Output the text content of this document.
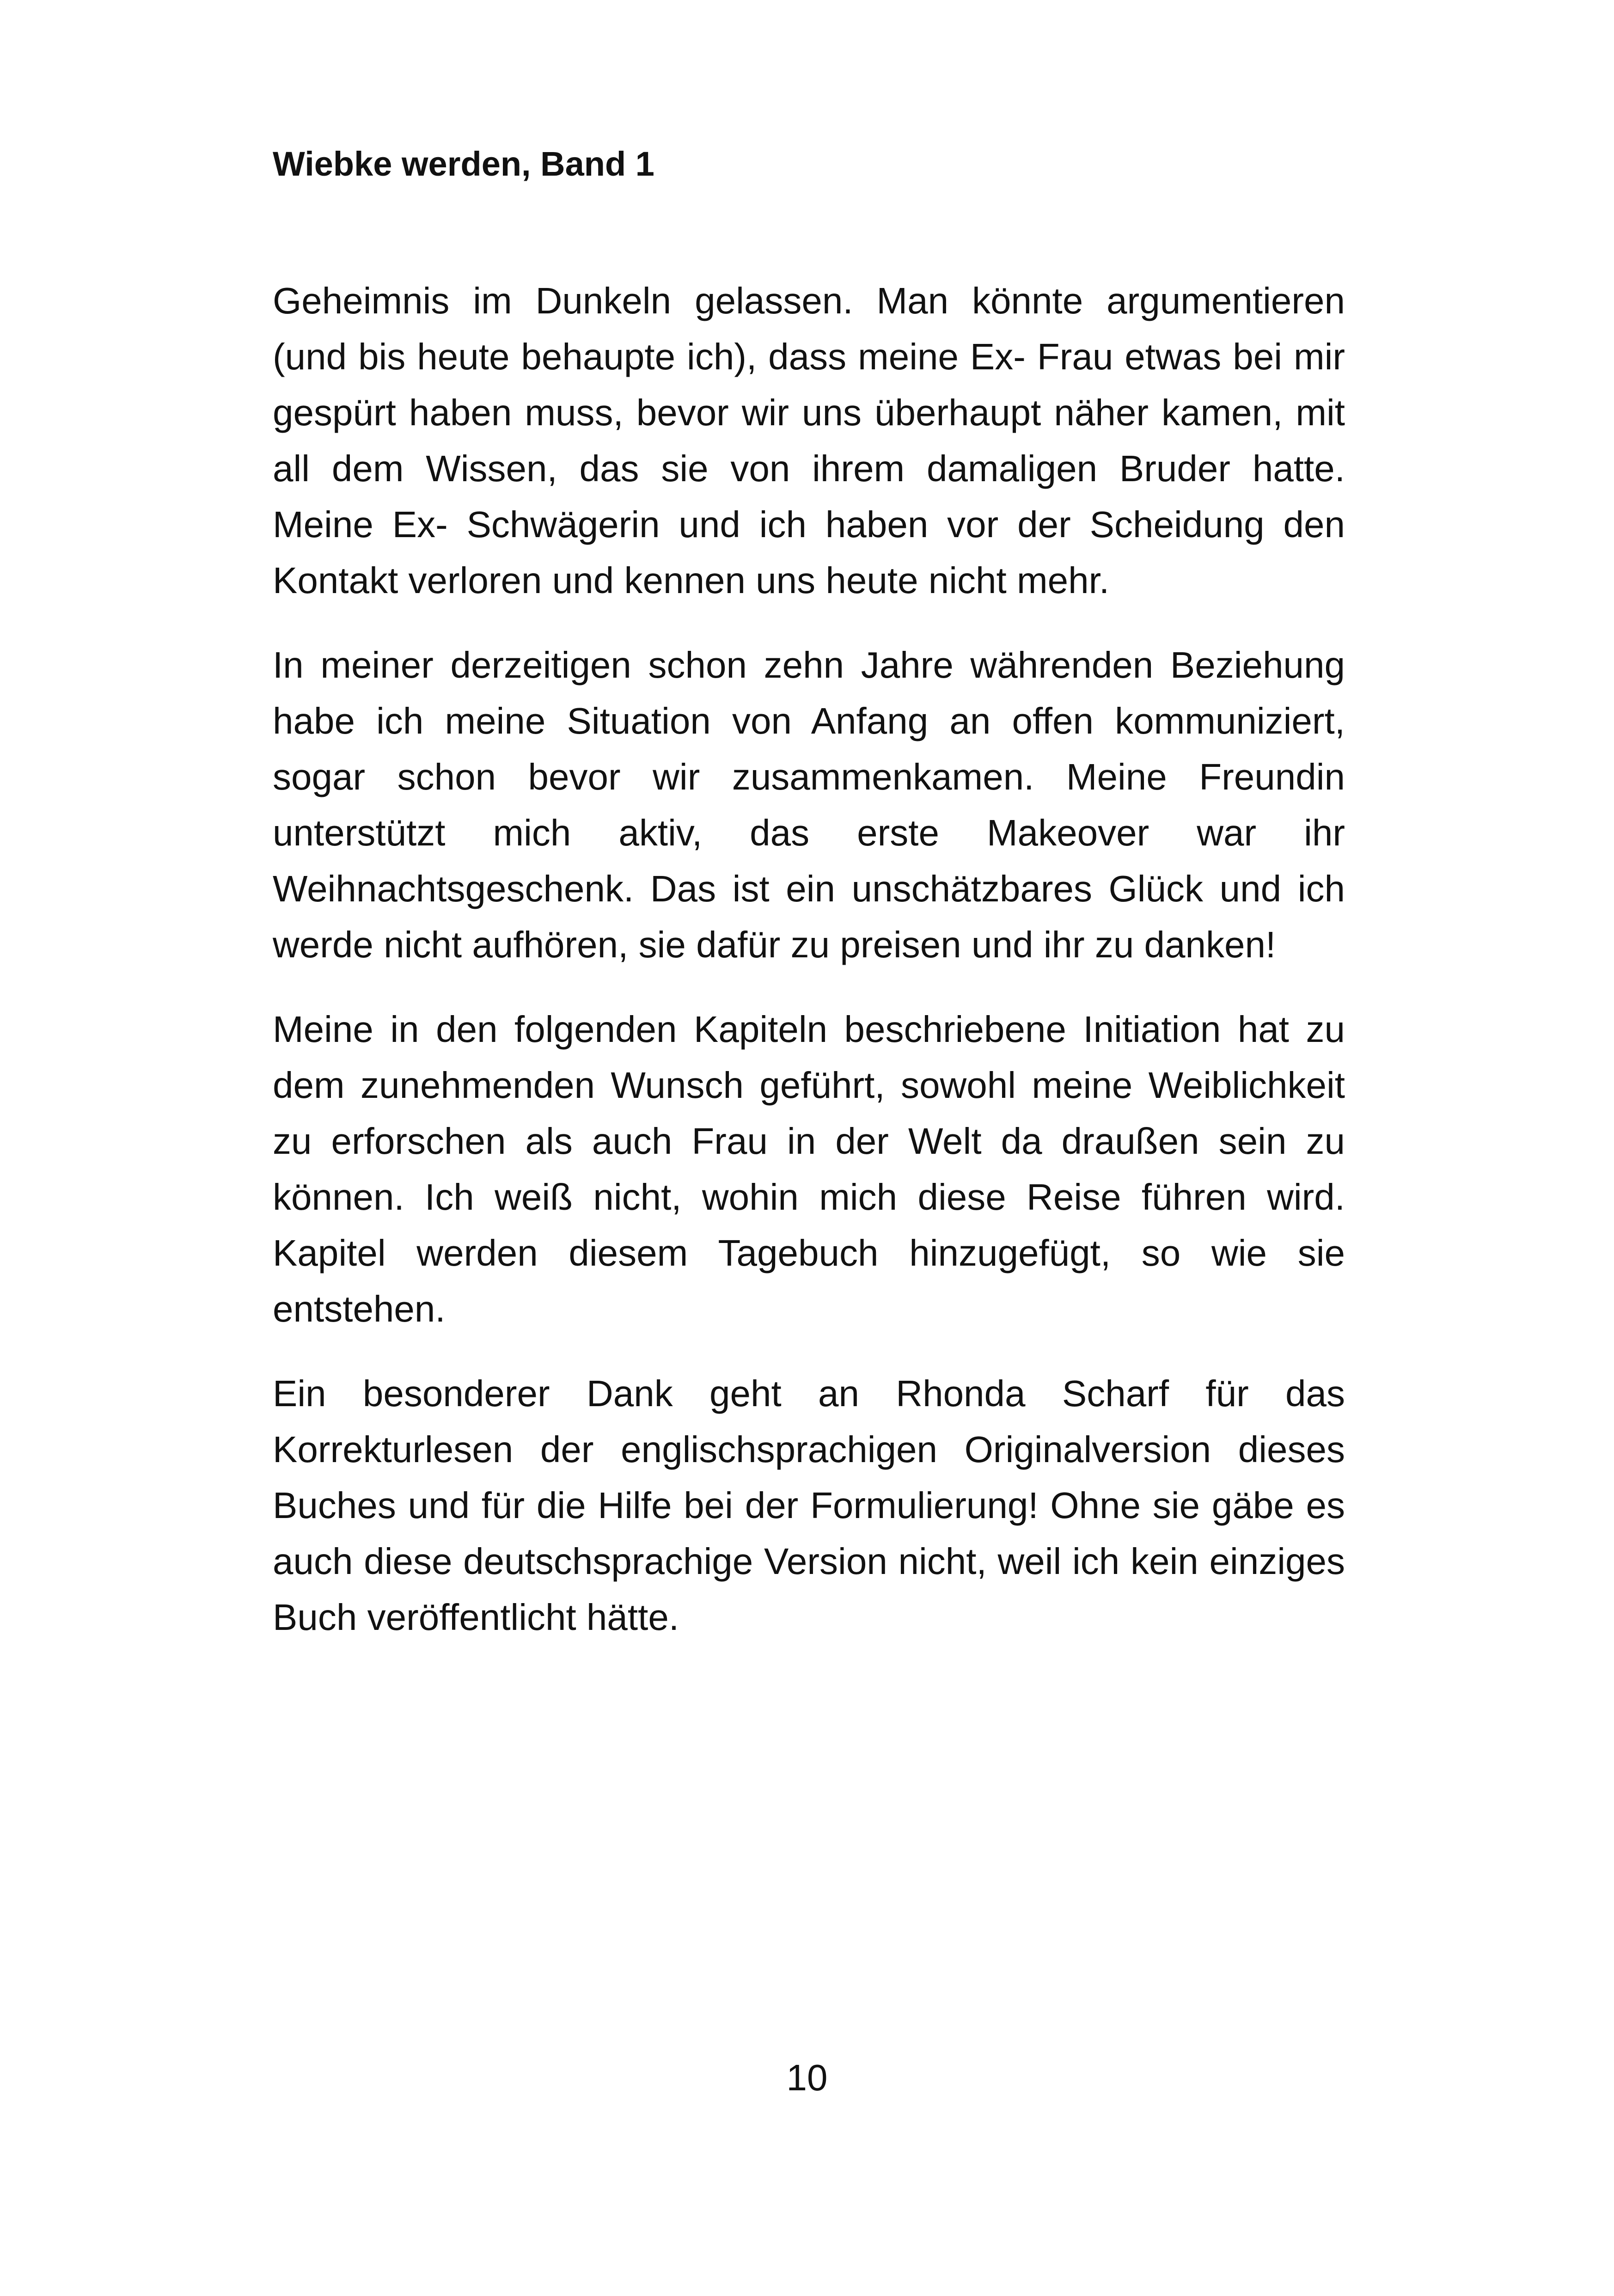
Wiebke werden, Band 1

Geheimnis im Dunkeln gelassen. Man könnte argumentieren (und bis heute behaupte ich), dass meine Ex- Frau etwas bei mir gespürt haben muss, bevor wir uns überhaupt näher kamen, mit all dem Wissen, das sie von ihrem damaligen Bruder hatte. Meine Ex- Schwägerin und ich haben vor der Scheidung den Kontakt verloren und kennen uns heute nicht mehr.

In meiner derzeitigen schon zehn Jahre währenden Beziehung habe ich meine Situation von Anfang an offen kommuniziert, sogar schon bevor wir zusammenkamen. Meine Freundin unterstützt mich aktiv, das erste Makeover war ihr Weihnachtsgeschenk. Das ist ein unschätzbares Glück und ich werde nicht aufhören, sie dafür zu preisen und ihr zu danken!

Meine in den folgenden Kapiteln beschriebene Initiation hat zu dem zunehmenden Wunsch geführt, sowohl meine Weiblichkeit zu erforschen als auch Frau in der Welt da draußen sein zu können. Ich weiß nicht, wohin mich diese Reise führen wird. Kapitel werden diesem Tagebuch hinzugefügt, so wie sie entstehen.

Ein besonderer Dank geht an Rhonda Scharf für das Korrekturlesen der englischsprachigen Originalversion dieses Buches und für die Hilfe bei der Formulierung! Ohne sie gäbe es auch diese deutschsprachige Version nicht, weil ich kein einziges Buch veröffentlicht hätte.

10
